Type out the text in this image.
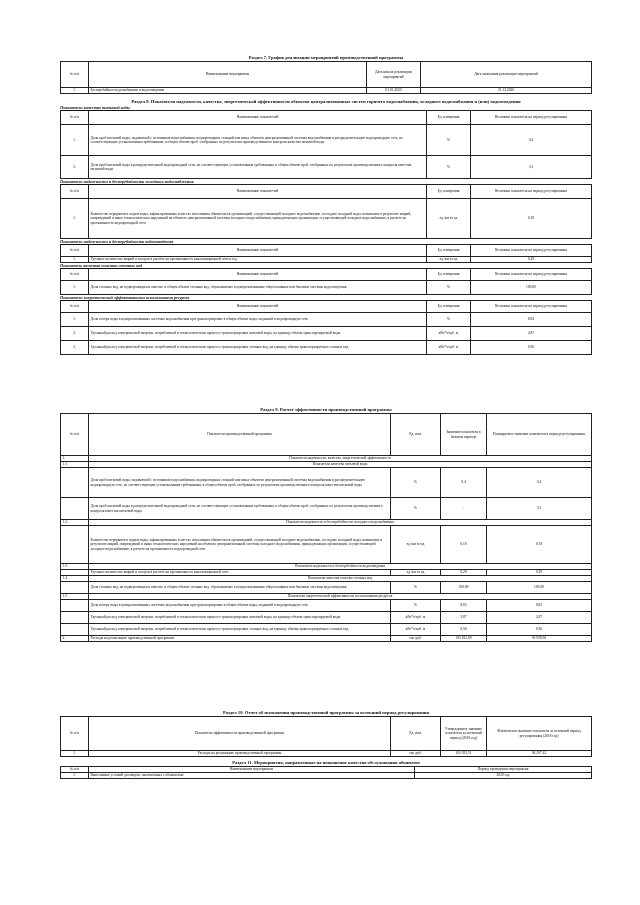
Раздел 7. График реализации мероприятий производственной программы
№ п/п	Наименование мероприятия	Дата начала реализации мероприятий	Дата окончания реализации мероприятий
1.	Бесперебойное водоснабжение и водоотведение	01.01.2020	31.12.2020
Раздел 8. Показатели надежности, качества, энергетической эффективности объектов централизованных систем горячего водоснабжения, холодного водоснабжения и (или) водоотведения
Показатели качества питьевой воды
№ п/п	Наименование показателей	Ед. измерения	Величина показателя на период регулирования
1.	Доля проб питьевой воды, подаваемой с источников водоснабжения, водопроводных станций или иных объектов централизованной системы водоснабжения в распределительную водопроводную сеть, не соответствующих установленным требованиям, в общем объеме проб, отобранных по результатам производственного контроля качества питьевой воды	%	0,4
2.	Доля проб питьевой воды в распределительной водопроводной сети, не соответствующих установленным требованиям, в общем объеме проб, отобранных по результатам производственного контроля качества питьевой воды	%	3,3
Показатели надежности и бесперебойности холодного водоснабжения
№ п/п	Наименование показателей	Ед. измерения	Величина показателя на период регулирования
1.	Количество перерывов в подаче воды, зафиксированных в местах исполнения обязательств организацией, осуществляющей холодное водоснабжение, по подаче холодной воды, возникших в результате аварий, повреждений и иных технологических нарушений на объектах централизованной системы холодного водоснабжения, принадлежащих организации, осуществляющей холодное водоснабжение, в расчете на протяженность водопроводной сети	ед./км в год	0,18
Показатели надежности и бесперебойности водоотведения
№ п/п	Наименование показателей	Ед. измерения	Величина показателя на период регулирования
1.	Удельное количество аварий и засоров в расчете на протяженность канализационной сети в год	ед./км в год	0,29
Показатель качества очистки сточных вод
№ п/п	Наименование показателей	Ед. измерения	Величина показателя на период регулирования
1.	Доля сточных вод, не подвергающихся очистке, в общем объеме сточных вод, сбрасываемых в централизованные общесплавные или бытовые системы водоотведения	%	100,00
Показатели энергетической эффективности использования ресурсов
№ п/п	Наименование показателей	Ед. измерения	Величина показателя на период регулирования
1.	Доля потерь воды в централизованных системах водоснабжения при транспортировке в общем объеме воды, поданной в водопроводную сеть	%	8,83
2.	Удельный расход электрической энергии, потребляемой в технологическом процессе транспортировки питьевой воды, на единицу объема транспортируемой воды	кВт*ч/куб. м	2,87
3.	Удельный расход электрической энергии, потребляемой в технологическом процессе транспортировки сточных вод, на единицу объема транспортируемых сточных вод	кВт*ч/куб. м	0,56
Раздел 9. Расчет эффективности производственной программы
№ п/п	Показатели производственной программы	Ед. изм.	Значение показателя в базовом периоде	Планируемое значение показателя в периоде регулирования
1.	Показатели надежности, качества, энергетической эффективности			
1.1.	Показатели качества питьевой воды			
	Доля проб питьевой воды, подаваемой с источников водоснабжения, водопроводных станций или иных объектов централизованной системы водоснабжения в распределительную водопроводную сеть, не соответствующих установленным требованиям, в общем объеме проб, отобранных по результатам производственного контроля качества питьевой воды	%	0,4	0,4
	Доля проб питьевой воды в распределительной водопроводной сети, не соответствующих установленным требованиям, в общем объеме проб, отобранных по результатам производственного контроля качества питьевой воды	%	-	3,3
1.2.	Показатели надежности и бесперебойности холодного водоснабжения			
	Количество перерывов в подаче воды, зафиксированных в местах исполнения обязательств организацией, осуществляющей холодное водоснабжение, по подаче холодной воды, возникших в результате аварий, повреждений и иных технологических нарушений на объектах централизованной системы холодного водоснабжения, принадлежащих организации, осуществляющей холодное водоснабжение, в расчете на протяженность водопроводной сети	ед./км в год	0,18	0,18
1.3.	Показатели надежности и бесперебойности водоотведения			
	Удельное количество аварий и засоров в расчете на протяженность канализационной сети	ед./км в год	0,29	0,29
1.4.	Показатели качества очистки сточных вод			
	Доля сточных вод, не подвергающихся очистке, в общем объеме сточных вод, сбрасываемых в централизованные общесплавные или бытовые системы водоотведения	%	100,00	100,00
1.5.	Показатели энергетической эффективности использования ресурсов			
	Доля потерь воды в централизованных системах водоснабжения при транспортировке в общем объеме воды, поданной в водопроводную сеть	%	8,83	8,83
	Удельный расход электрической энергии, потребляемой в технологическом процессе транспортировки питьевой воды, на единицу объема транспортируемой воды	кВт*ч/куб. м	2,87	2,87
	Удельный расход электрической энергии, потребляемой в технологическом процессе транспортировки сточных вод, на единицу объема транспортируемых сточных вод	кВт*ч/куб. м	0,56	0,56
2.	Расходы на реализацию производственной программы	тыс.руб.	105 812,09	93 938,94
Раздел 10. Отчет об исполнении производственной программы за истекший период регулирования
№ п/п	Показатели эффективности производственной программы	Ед. изм.	Утвержденное значение показателя за истекший период (2018 год)	Фактическое значение показателя за истекший период регулирования (2018 год)
1.	Расходы на реализацию производственной программы	тыс.руб.	102 033,51	94 297,42
Раздел 11. Мероприятия, направленные на повышение качества обслуживания абонентов
№ п/п	Наименование мероприятия	Период проведения мероприятия
1.	Выполнение условий договоров, заключенных с абонентами	2020 год
